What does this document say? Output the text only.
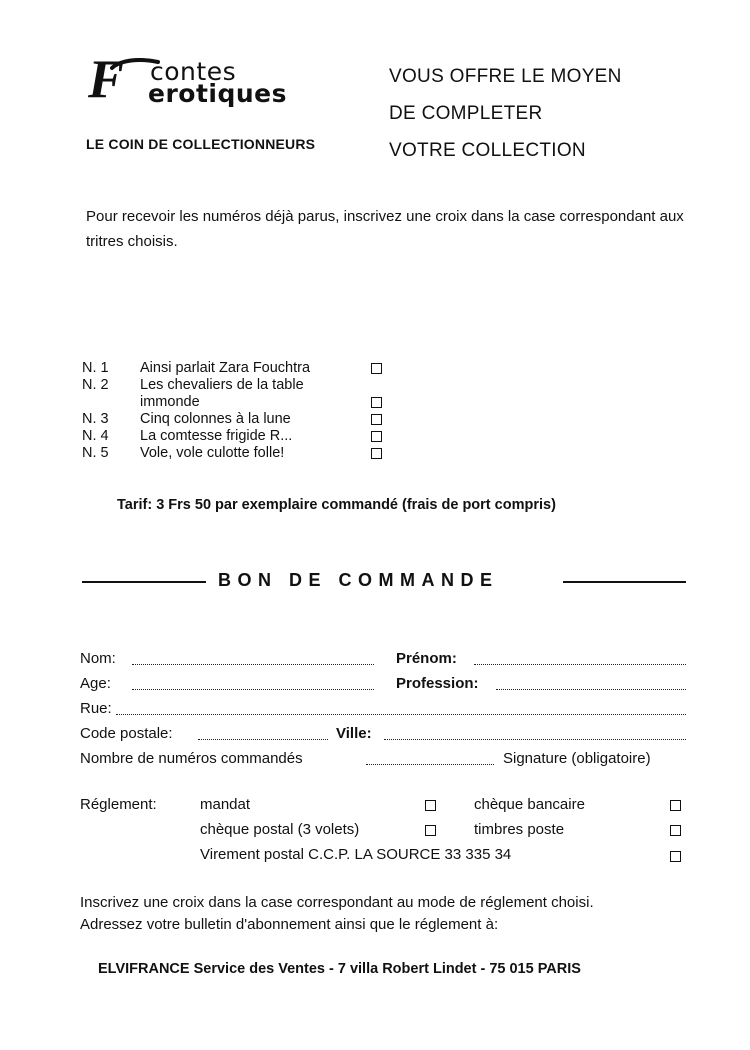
F contes
erotiques
LE COIN DE COLLECTIONNEURS
VOUS OFFRE LE MOYEN
DE COMPLETER
VOTRE COLLECTION
Pour recevoir les numéros déjà parus, inscrivez une croix dans la case correspondant aux tritres choisis.
N. 1	Ainsi parlait Zara Fouchtra
N. 2	Les chevaliers de la table
immonde
N. 3	Cinq colonnes à la lune
N. 4	La comtesse frigide R...
N. 5	Vole, vole culotte folle!
Tarif: 3 Frs 50 par exemplaire commandé (frais de port compris)
BON DE COMMANDE
Nom:	Prénom:
Age:	Profession:
Rue:
Code postale:	Ville:
Nombre de numéros commandés	Signature (obligatoire)
Réglement:	mandat	chèque bancaire
chèque postal (3 volets)	timbres poste
Virement postal C.C.P. LA SOURCE 33 335 34
Inscrivez une croix dans la case correspondant au mode de réglement choisi.
Adressez votre bulletin d'abonnement ainsi que le réglement à:
ELVIFRANCE Service des Ventes - 7 villa Robert Lindet - 75 015 PARIS
